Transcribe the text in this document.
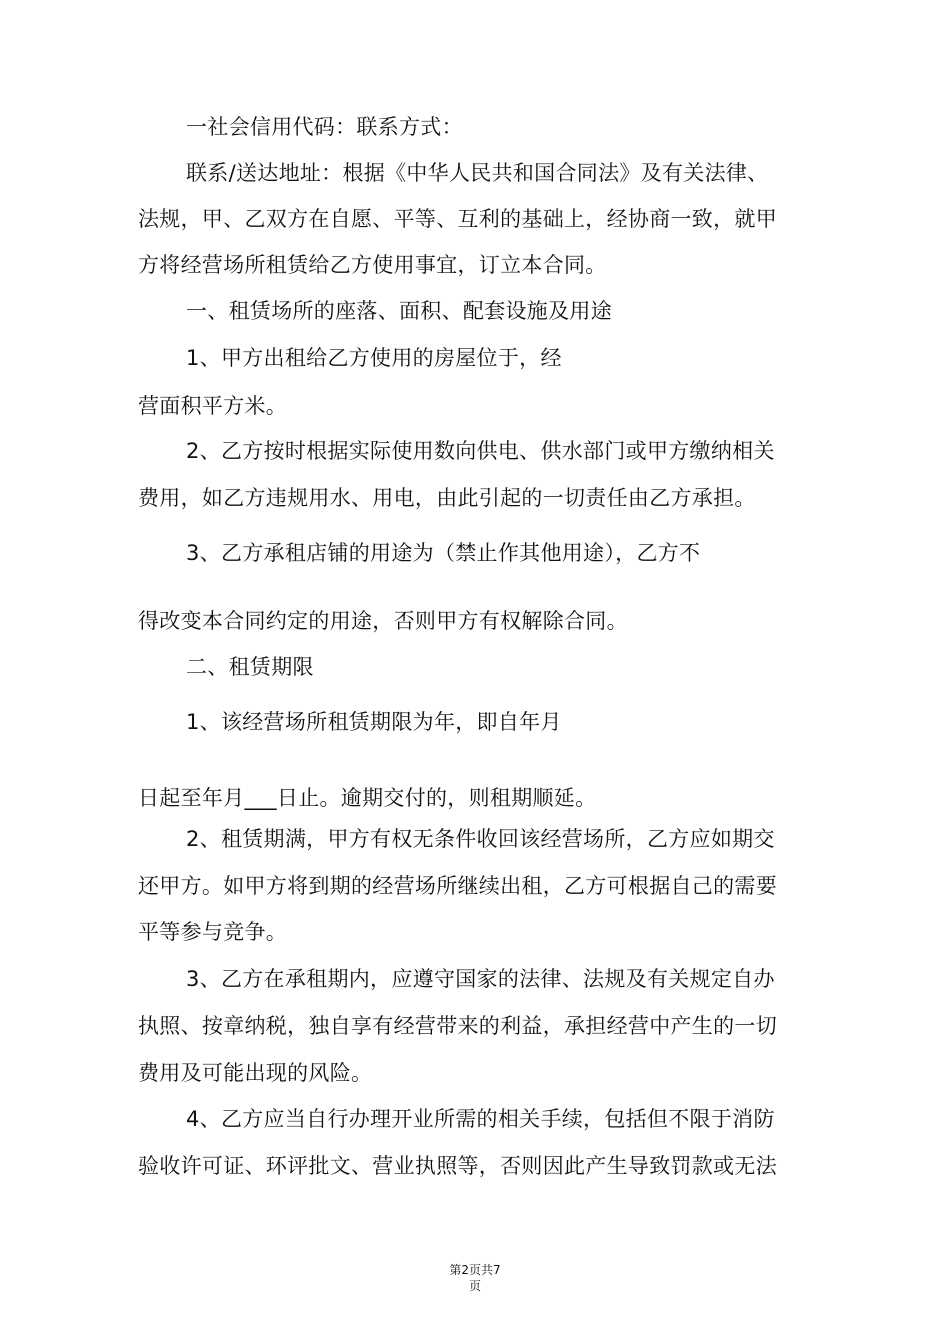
一社会信用代码：联系方式：
联系/送达地址：根据《中华人民共和国合同法》及有关法律、
法规，甲、乙双方在自愿、平等、互利的基础上，经协商一致，就甲
方将经营场所租赁给乙方使用事宜，订立本合同。
一、租赁场所的座落、面积、配套设施及用途
1、甲方出租给乙方使用的房屋位于，经
营面积平方米。
2、乙方按时根据实际使用数向供电、供水部门或甲方缴纳相关
费用，如乙方违规用水、用电，由此引起的一切责任由乙方承担。
3、乙方承租店铺的用途为（禁止作其他用途），乙方不
得改变本合同约定的用途，否则甲方有权解除合同。
二、租赁期限
1、该经营场所租赁期限为年，即自年月
日起至年月___日止。逾期交付的，则租期顺延。
2、租赁期满，甲方有权无条件收回该经营场所，乙方应如期交
还甲方。如甲方将到期的经营场所继续出租，乙方可根据自己的需要
平等参与竞争。
3、乙方在承租期内，应遵守国家的法律、法规及有关规定自办
执照、按章纳税，独自享有经营带来的利益，承担经营中产生的一切
费用及可能出现的风险。
4、乙方应当自行办理开业所需的相关手续，包括但不限于消防
验收许可证、环评批文、营业执照等，否则因此产生导致罚款或无法
第2页共7
页
